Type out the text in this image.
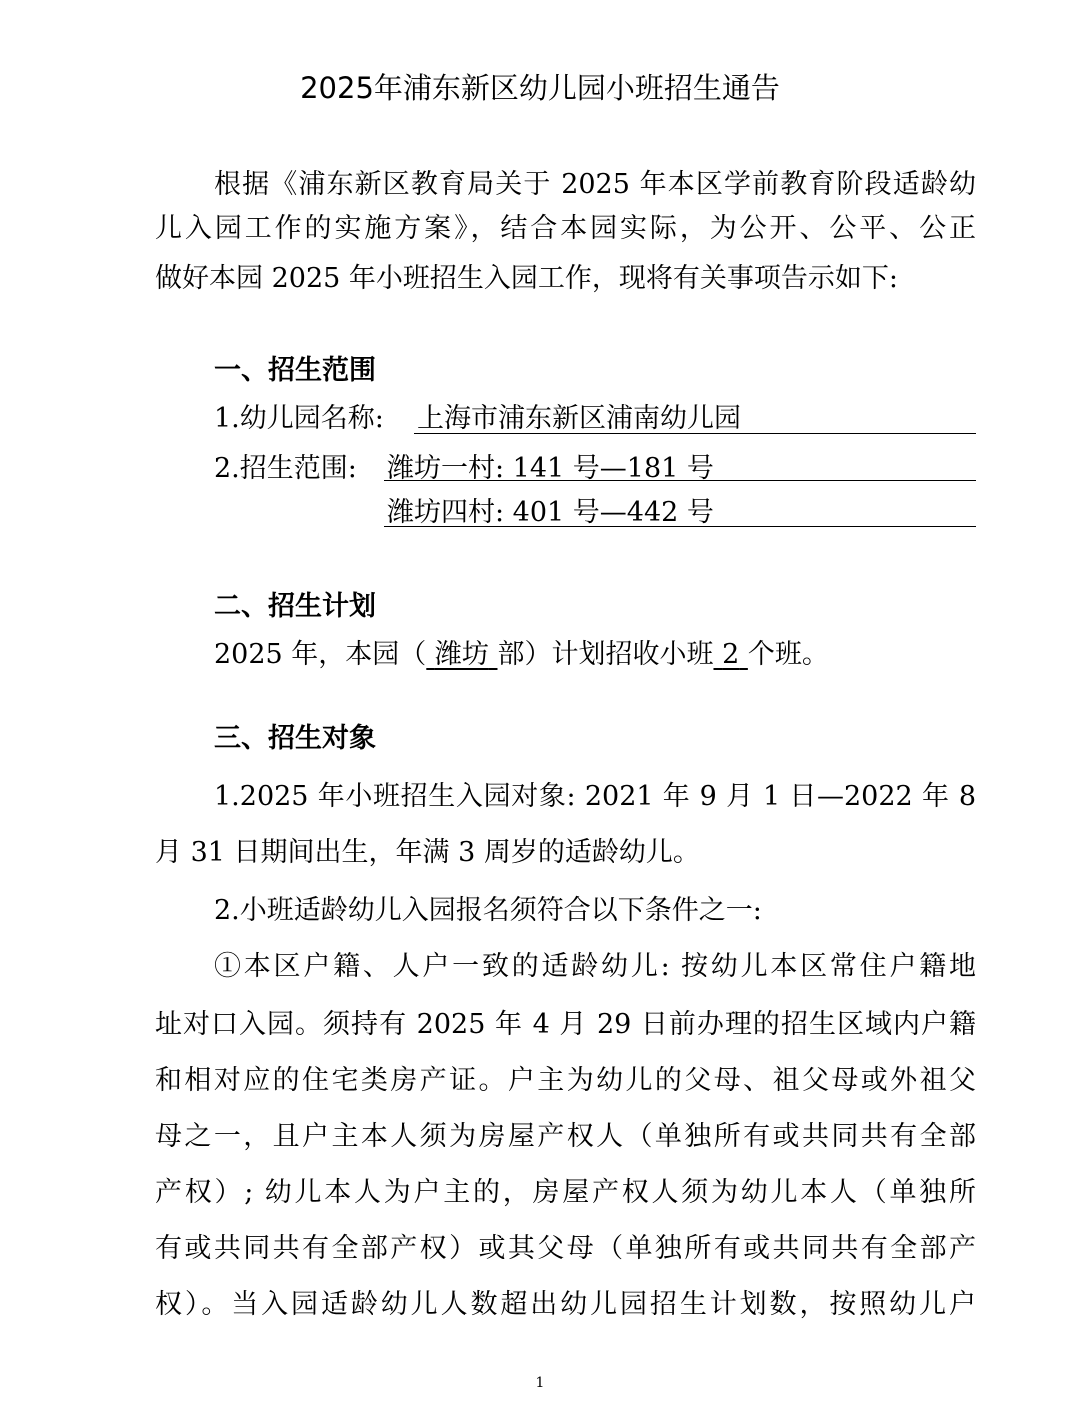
2025年浦东新区幼儿园小班招生通告
根据《浦东新区教育局关于 2025 年本区学前教育阶段适龄幼
儿入园工作的实施方案》，结合本园实际，为公开、公平、公正
做好本园 2025 年小班招生入园工作，现将有关事项告示如下:
一、招生范围
1.幼儿园名称: 上海市浦东新区浦南幼儿园
2.招生范围: 潍坊一村: 141 号—181 号
潍坊四村: 401 号—442 号
二、招生计划
2025 年，本园（ 潍坊 部）计划招收小班 2 个班。
三、招生对象
1.2025 年小班招生入园对象: 2021 年 9 月 1 日—2022 年 8
月 31 日期间出生，年满 3 周岁的适龄幼儿。
2.小班适龄幼儿入园报名须符合以下条件之一:
①本区户籍、人户一致的适龄幼儿: 按幼儿本区常住户籍地
址对口入园。须持有 2025 年 4 月 29 日前办理的招生区域内户籍
和相对应的住宅类房产证。户主为幼儿的父母、祖父母或外祖父
母之一，且户主本人须为房屋产权人（单独所有或共同共有全部
产权）; 幼儿本人为户主的，房屋产权人须为幼儿本人（单独所
有或共同共有全部产权）或其父母（单独所有或共同共有全部产
权）。当入园适龄幼儿人数超出幼儿园招生计划数，按照幼儿户
1
